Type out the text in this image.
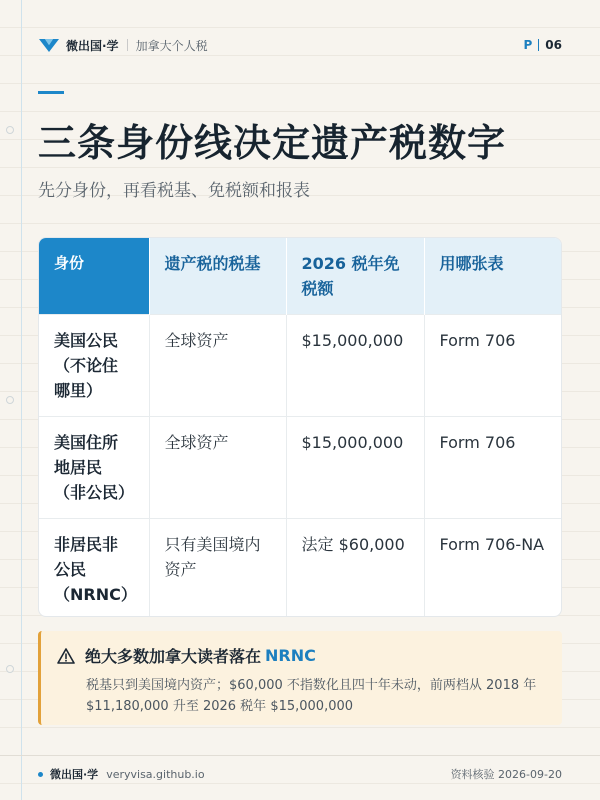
微出国·学 加拿大个人税	P 06
三条身份线决定遗产税数字
先分身份，再看税基、免税额和报表
身份	遗产税的税基	2026 税年免税额	用哪张表
美国公民（不论住哪里）	全球资产	$15,000,000	Form 706
美国住所地居民（非公民）	全球资产	$15,000,000	Form 706
非居民非公民（NRNC）	只有美国境内资产	法定 $60,000	Form 706-NA
绝大多数加拿大读者落在 NRNC
税基只到美国境内资产；$60,000 不指数化且四十年未动，前两档从 2018 年 $11,180,000 升至 2026 税年 $15,000,000
微出国·学 veryvisa.github.io	资料核验 2026-09-20
